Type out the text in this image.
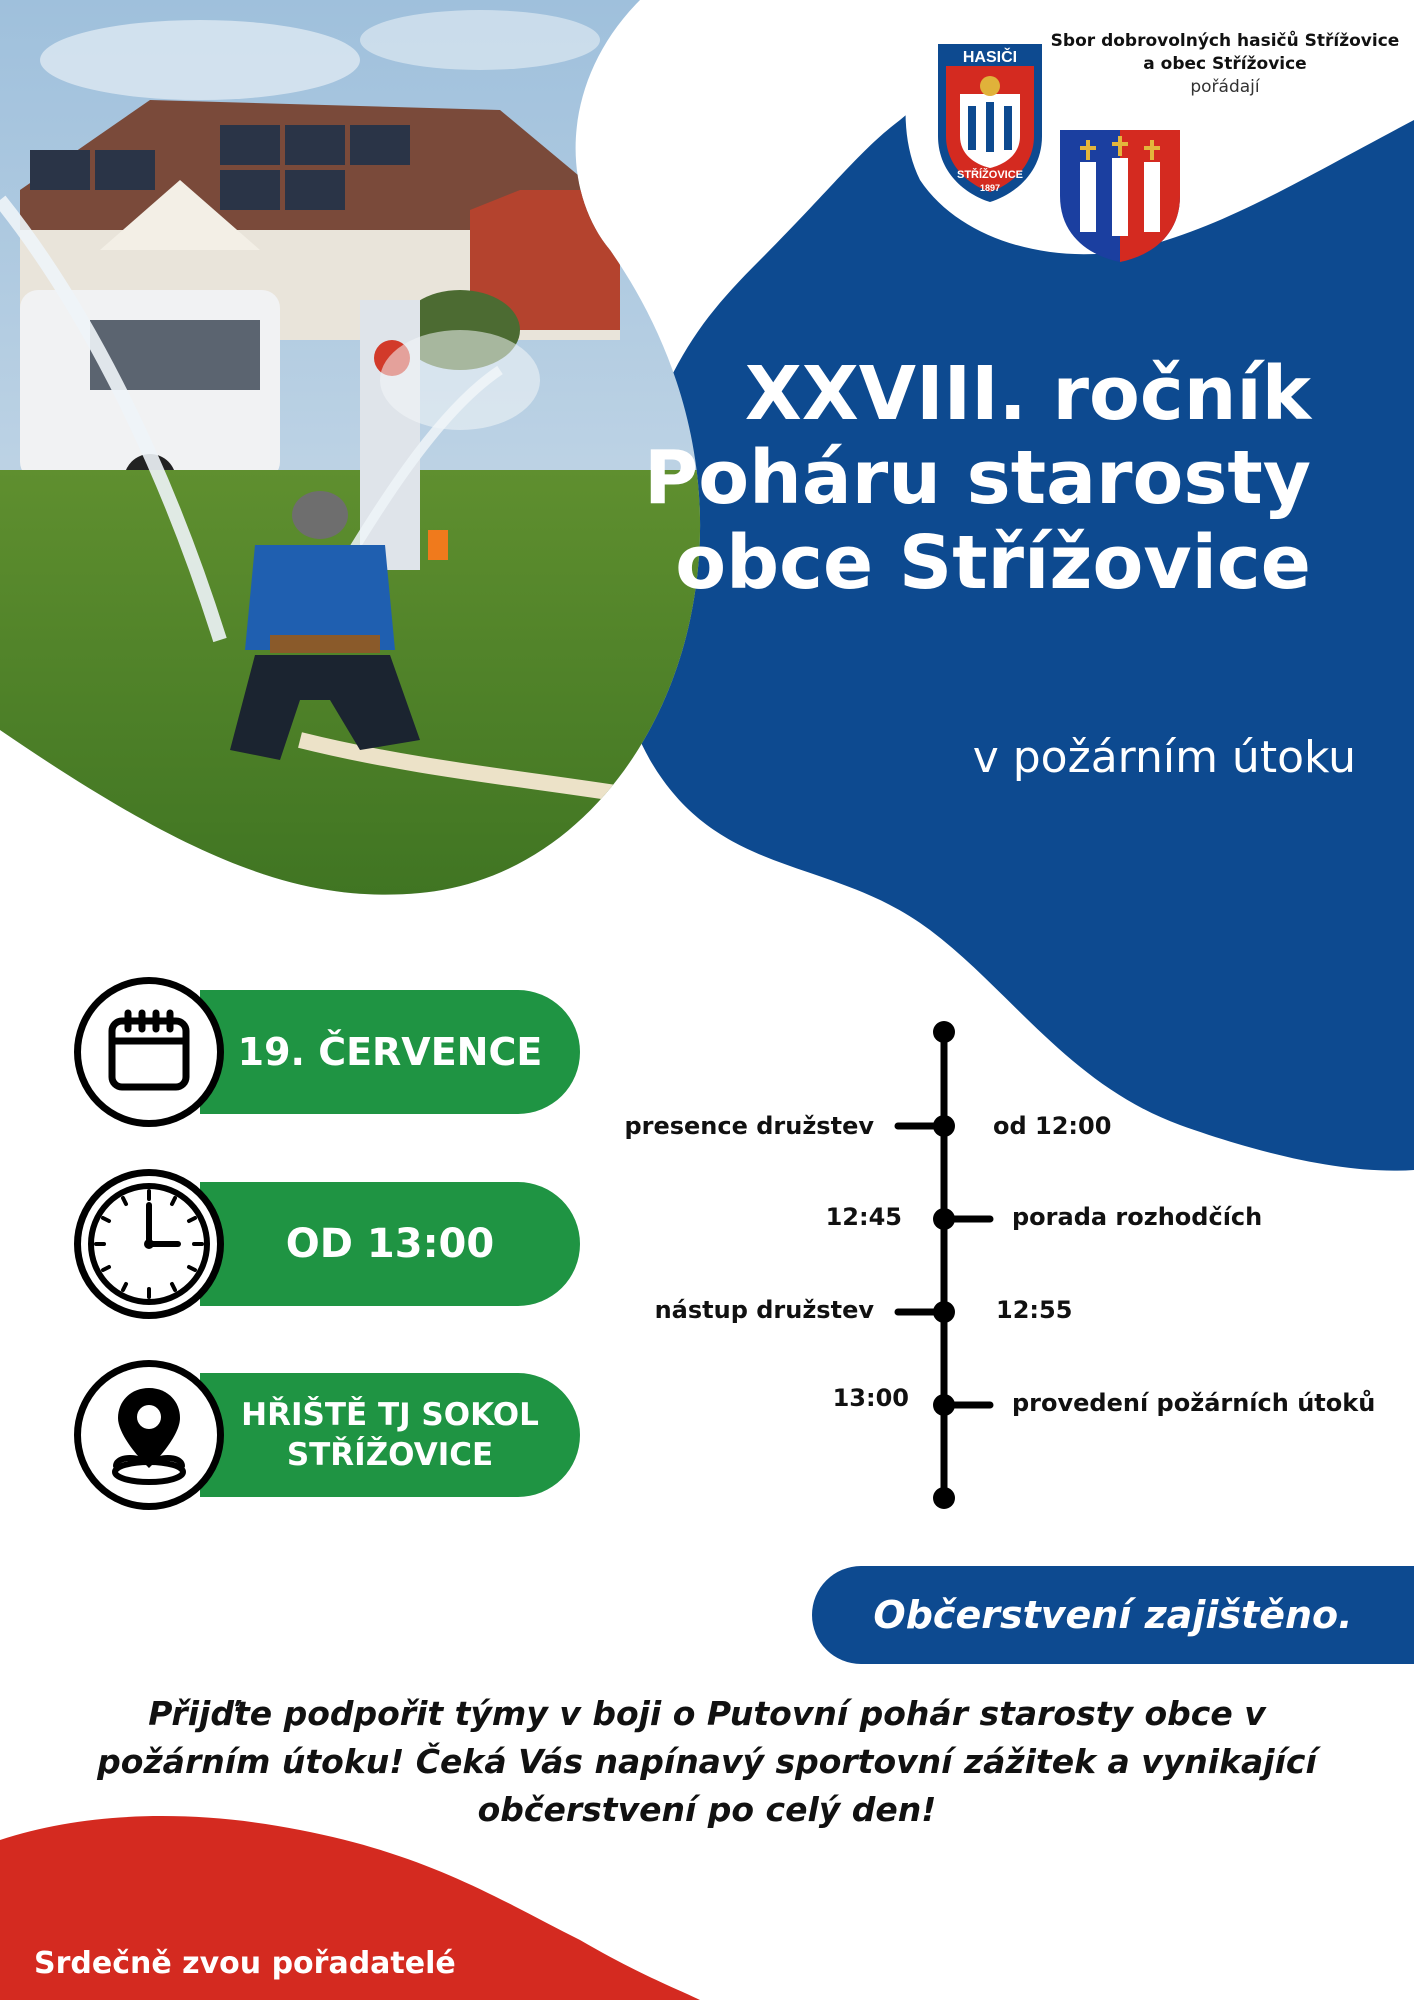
HASIČI
STŘÍŽOVICE
1897
Sbor dobrovolných hasičů Střížovice
a obec Střížovice
pořádají
XXVIII. ročník
Poháru starosty
obce Střížovice
v požárním útoku
19. ČERVENCE
OD 13:00
HŘIŠTĚ TJ SOKOL
STŘÍŽOVICE
presence družstev	od 12:00
12:45	porada rozhodčích
nástup družstev	12:55
13:00	provedení požárních útoků
Občerstvení zajištěno.
Přijďte podpořit týmy v boji o Putovní pohár starosty obce v
požárním útoku! Čeká Vás napínavý sportovní zážitek a vynikající
občerstvení po celý den!
Srdečně zvou pořadatelé
